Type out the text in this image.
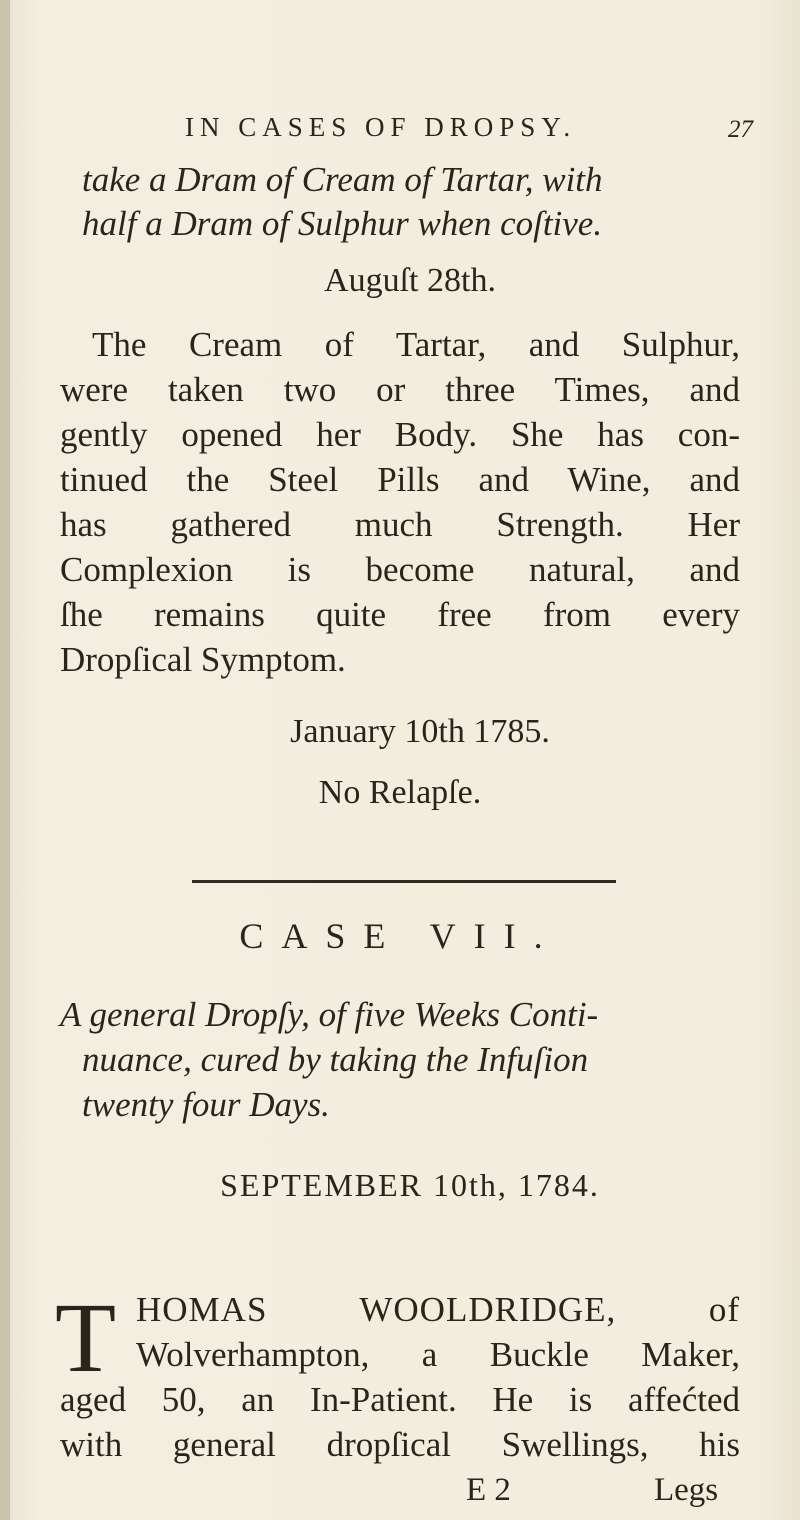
IN CASES OF DROPSY.	27
take a Dram of Cream of Tartar, with
half a Dram of Sulphur when coſtive.
Auguſt 28th.
The Cream of Tartar, and Sulphur,
were taken two or three Times, and
gently opened her Body. She has con-
tinued the Steel Pills and Wine, and
has gathered much Strength. Her
Complexion is become natural, and
ſhe remains quite free from every
Dropſical Symptom.
January 10th 1785.
No Relapſe.
CASE VII.
A general Dropſy, of five Weeks Conti-
nuance, cured by taking the Infuſion
twenty four Days.
SEPTEMBER 10th, 1784.
T HOMAS WOOLDRIDGE, of
Wolverhampton, a Buckle Maker,
aged 50, an In-Patient. He is affećted
with general dropſical Swellings, his
E 2	Legs
